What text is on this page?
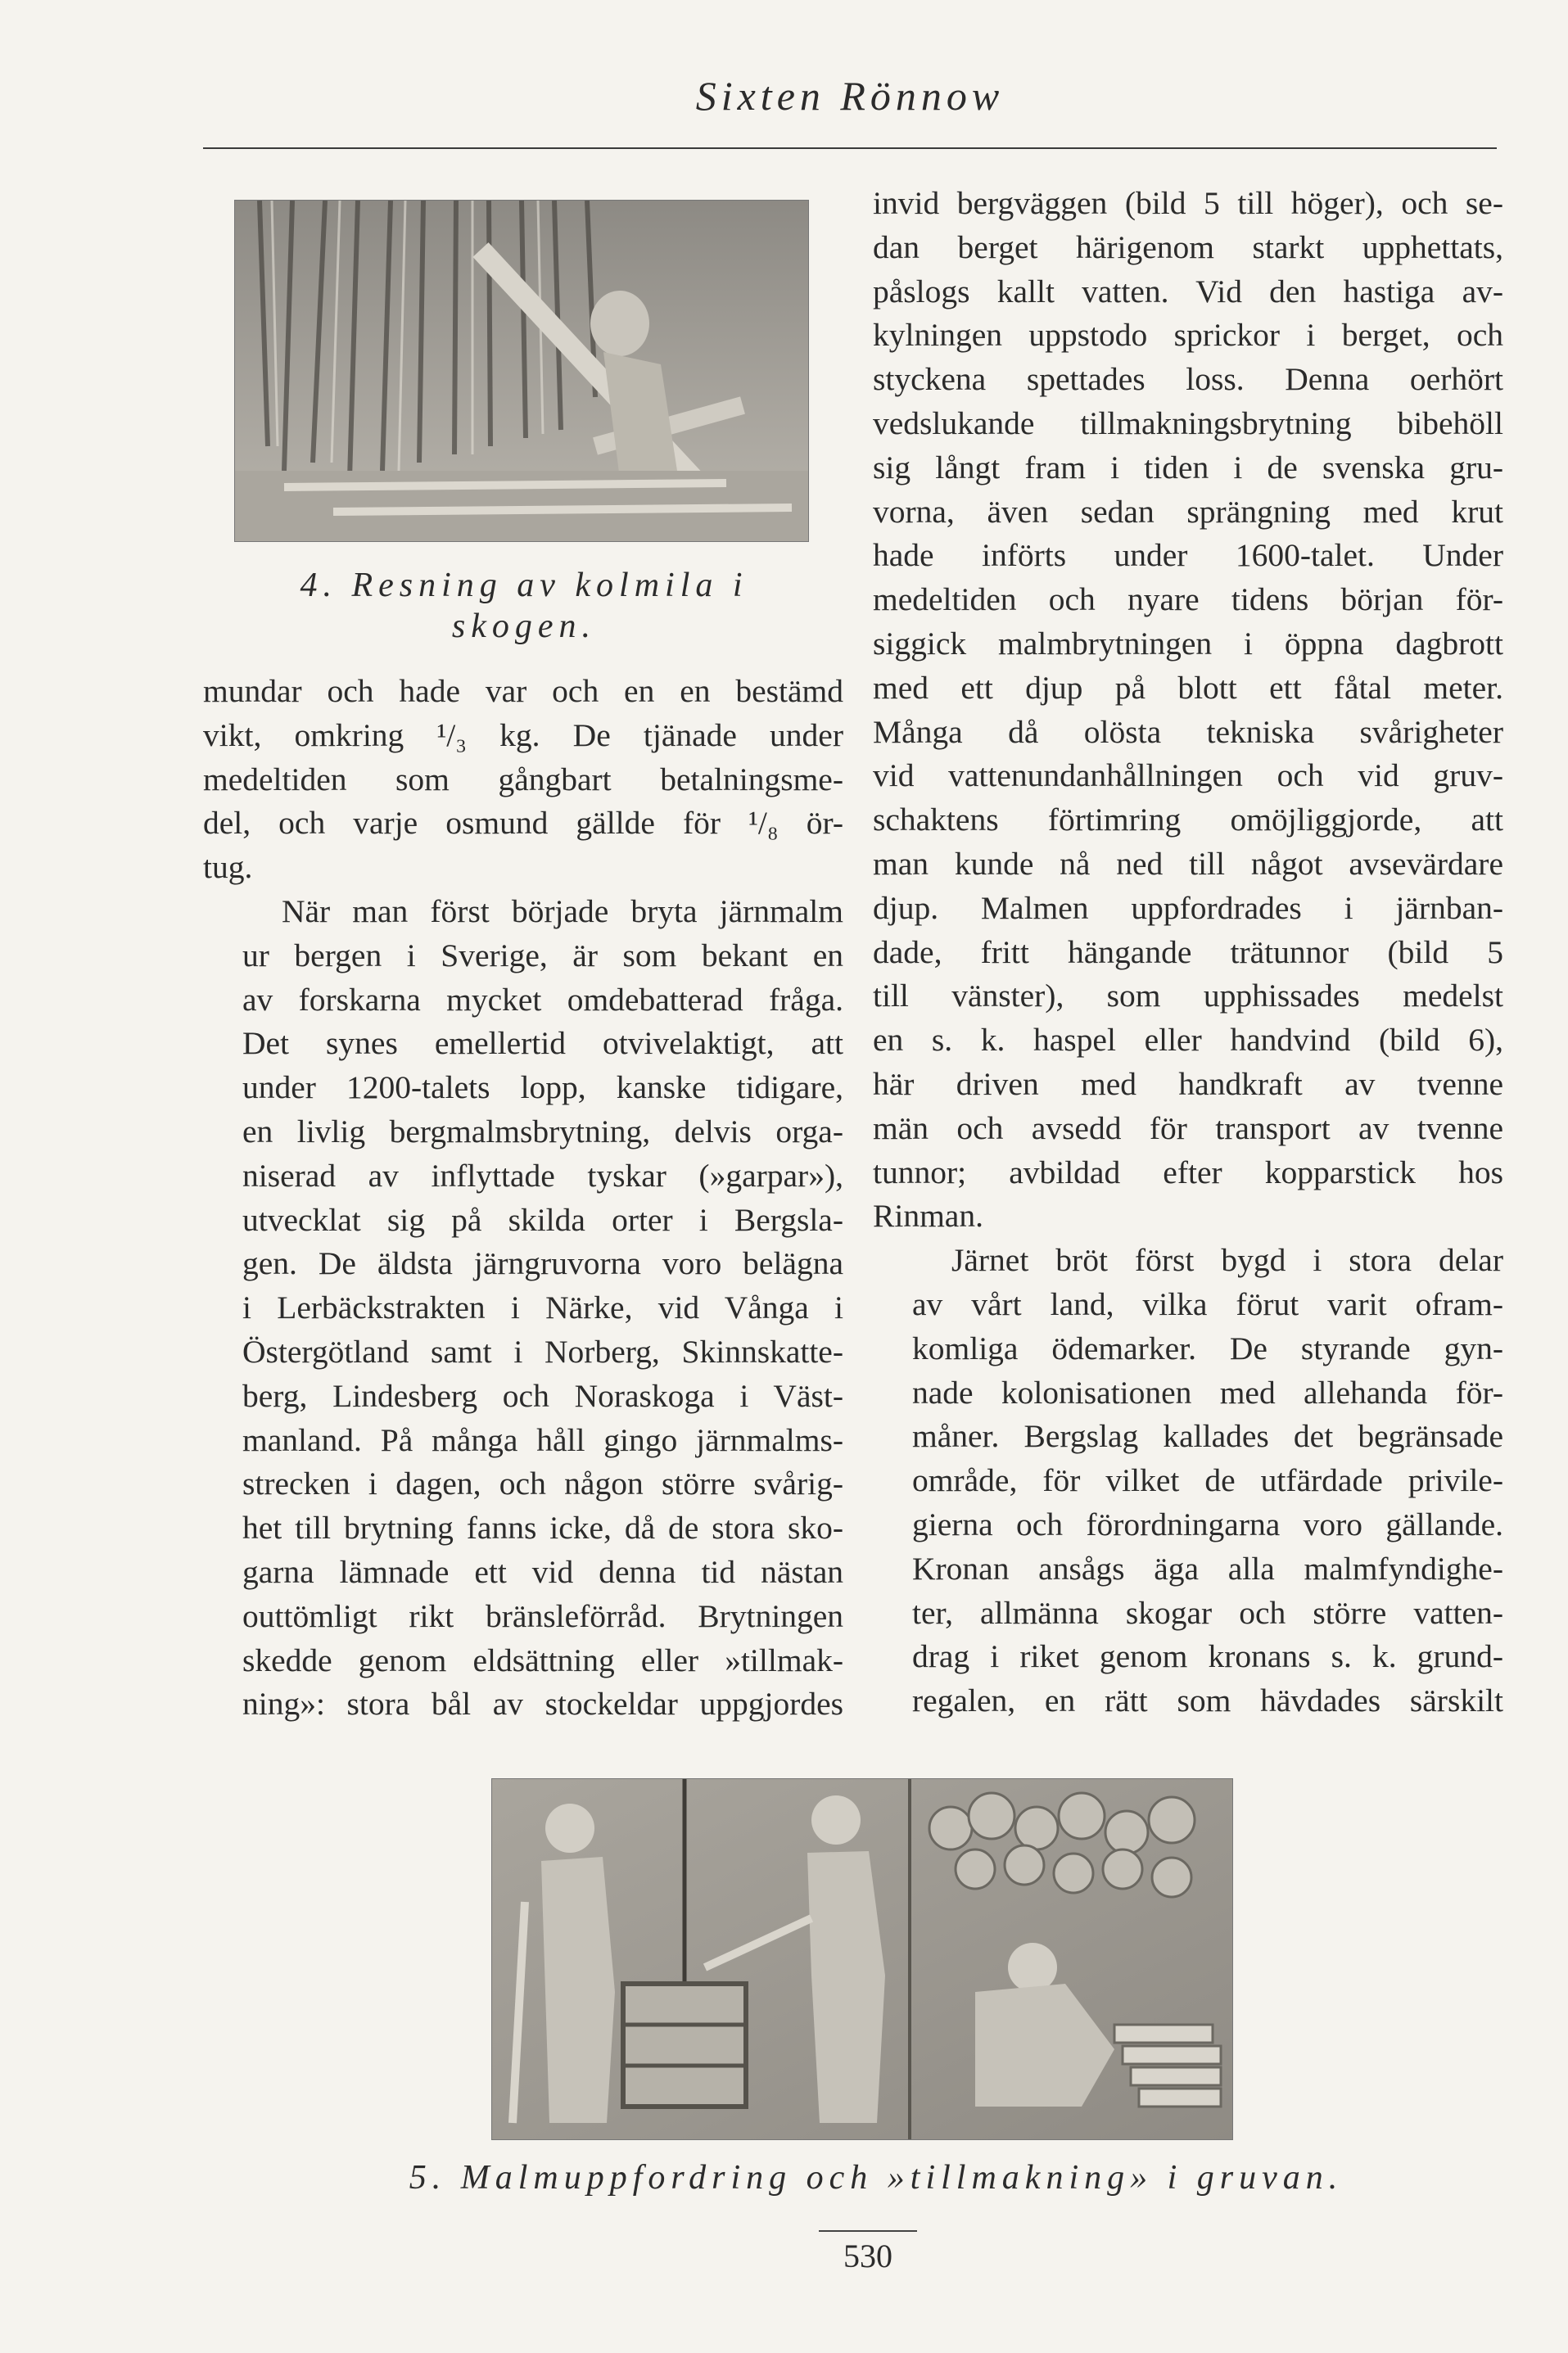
Sixten Rönnow
4. Resning av kolmila i
skogen.

mundar och hade var och en en bestämd
vikt, omkring ¹/₃ kg. De tjänade under
medeltiden som gångbart betalningsme-
del, och varje osmund gällde för ¹/₈ ör-
tug.

När man först började bryta järnmalm
ur bergen i Sverige, är som bekant en
av forskarna mycket omdebatterad fråga.
Det synes emellertid otvivelaktigt, att
under 1200-talets lopp, kanske tidigare,
en livlig bergmalmsbrytning, delvis orga-
niserad av inflyttade tyskar (»garpar»),
utvecklat sig på skilda orter i Bergsla-
gen. De äldsta järngruvorna voro belägna
i Lerbäckstrakten i Närke, vid Vånga i
Östergötland samt i Norberg, Skinnskatte-
berg, Lindesberg och Noraskoga i Väst-
manland. På många håll gingo järnmalms-
strecken i dagen, och någon större svårig-
het till brytning fanns icke, då de stora sko-
garna lämnade ett vid denna tid nästan
outtömligt rikt bränsleförråd. Brytningen
skedde genom eldsättning eller »tillmak-
ning»: stora bål av stockeldar uppgjordes

invid bergväggen (bild 5 till höger), och se-
dan berget härigenom starkt upphettats,
påslogs kallt vatten. Vid den hastiga av-
kylningen uppstodo sprickor i berget, och
styckena spettades loss. Denna oerhört
vedslukande tillmakningsbrytning bibehöll
sig långt fram i tiden i de svenska gru-
vorna, även sedan sprängning med krut
hade införts under 1600-talet. Under
medeltiden och nyare tidens början för-
siggick malmbrytningen i öppna dagbrott
med ett djup på blott ett fåtal meter.
Många då olösta tekniska svårigheter
vid vattenundanhållningen och vid gruv-
schaktens förtimring omöjliggjorde, att
man kunde nå ned till något avsevärdare
djup. Malmen uppfordrades i järnban-
dade, fritt hängande trätunnor (bild 5
till vänster), som upphissades medelst
en s. k. haspel eller handvind (bild 6),
här driven med handkraft av tvenne
män och avsedd för transport av tvenne
tunnor; avbildad efter kopparstick hos
Rinman.

Järnet bröt först bygd i stora delar
av vårt land, vilka förut varit ofram-
komliga ödemarker. De styrande gyn-
nade kolonisationen med allehanda för-
måner. Bergslag kallades det begränsade
område, för vilket de utfärdade privile-
gierna och förordningarna voro gällande.
Kronan ansågs äga alla malmfyndighe-
ter, allmänna skogar och större vatten-
drag i riket genom kronans s. k. grund-
regalen, en rätt som hävdades särskilt

5. Malmuppfordring och »tillmakning» i gruvan.
530
